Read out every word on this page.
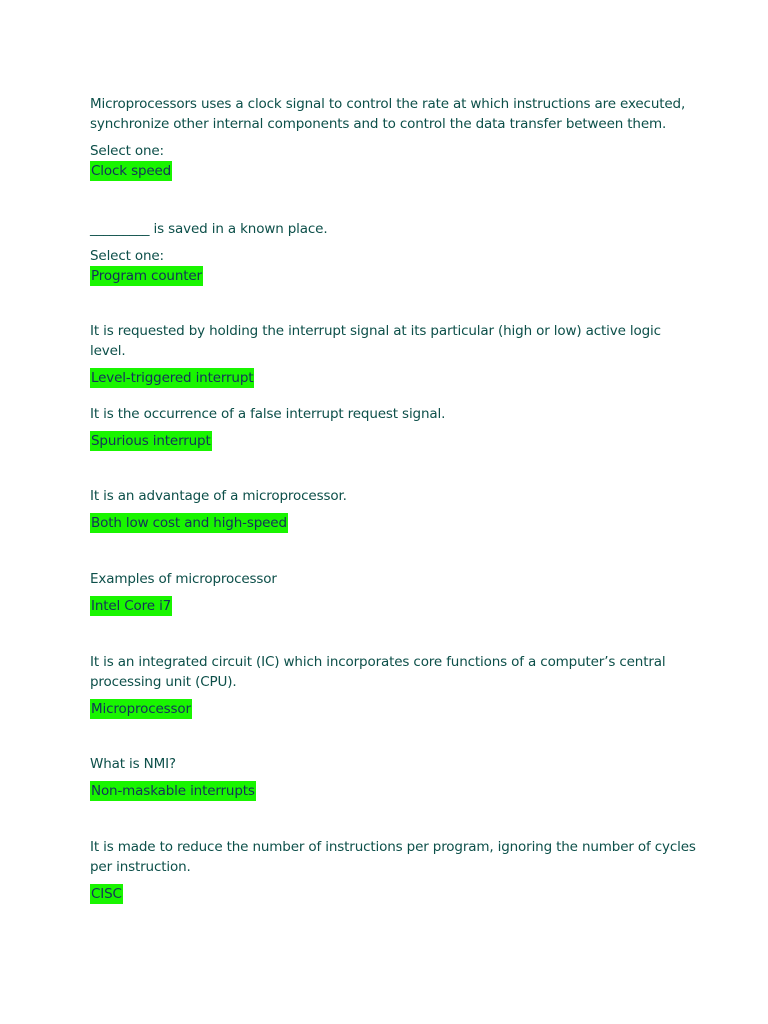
Microprocessors uses a clock signal to control the rate at which instructions are executed,
synchronize other internal components and to control the data transfer between them.

Select one:

Clock speed

_________ is saved in a known place.

Select one:

Program counter

It is requested by holding the interrupt signal at its particular (high or low) active logic level.

Level-triggered interrupt

It is the occurrence of a false interrupt request signal.

Spurious interrupt

It is an advantage of a microprocessor.

Both low cost and high-speed

Examples of microprocessor

Intel Core i7

It is an integrated circuit (IC) which incorporates core functions of a computer’s central
processing unit (CPU).

Microprocessor

What is NMI?

Non-maskable interrupts

It is made to reduce the number of instructions per program, ignoring the number of cycles
per instruction.

CISC
